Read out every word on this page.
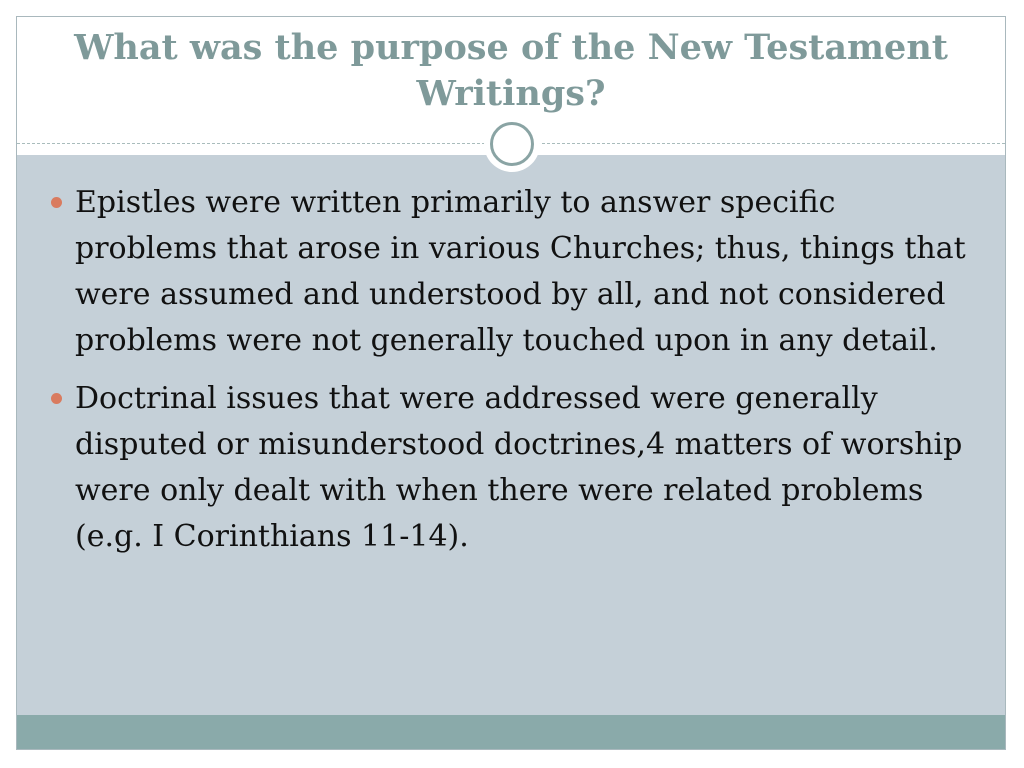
What was the purpose of the New Testament Writings?
Epistles were written primarily to answer specific problems that arose in various Churches; thus, things that were assumed and understood by all, and not considered problems were not generally touched upon in any detail.
Doctrinal issues that were addressed were generally disputed or misunderstood doctrines,4 matters of worship were only dealt with when there were related problems (e.g. I Corinthians 11-14).
